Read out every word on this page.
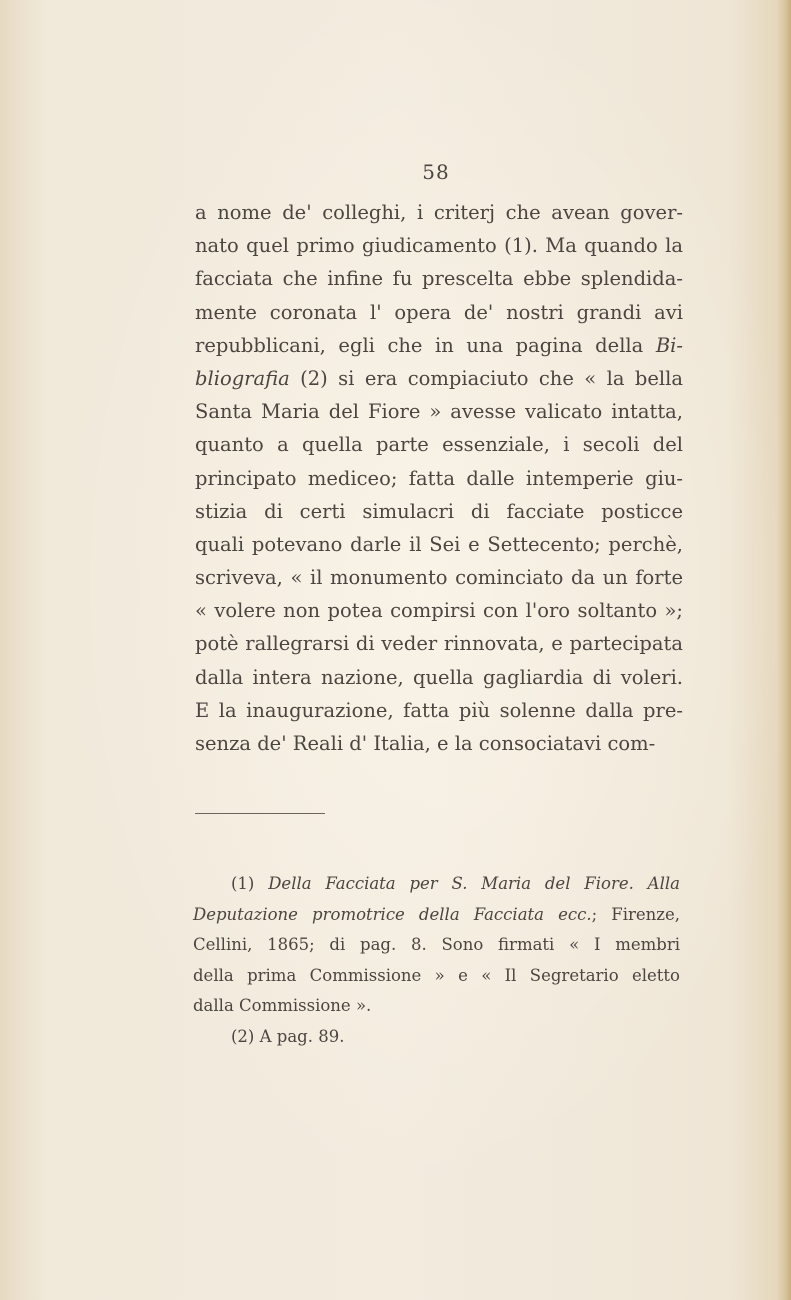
58
a nome de' colleghi, i criterj che avean gover-
nato quel primo giudicamento (1). Ma quando la
facciata che infine fu prescelta ebbe splendida-
mente coronata l' opera de' nostri grandi avi
repubblicani, egli che in una pagina della Bi-
bliografia (2) si era compiaciuto che « la bella
Santa Maria del Fiore » avesse valicato intatta,
quanto a quella parte essenziale, i secoli del
principato mediceo; fatta dalle intemperie giu-
stizia di certi simulacri di facciate posticce
quali potevano darle il Sei e Settecento; perchè,
scriveva, « il monumento cominciato da un forte
« volere non potea compirsi con l'oro soltanto »;
potè rallegrarsi di veder rinnovata, e partecipata
dalla intera nazione, quella gagliardia di voleri.
E la inaugurazione, fatta più solenne dalla pre-
senza de' Reali d' Italia, e la consociatavi com-
(1) Della Facciata per S. Maria del Fiore. Alla
Deputazione promotrice della Facciata ecc.; Firenze,
Cellini, 1865; di pag. 8. Sono firmati « I membri
della prima Commissione » e « Il Segretario eletto
dalla Commissione ».
(2) A pag. 89.
